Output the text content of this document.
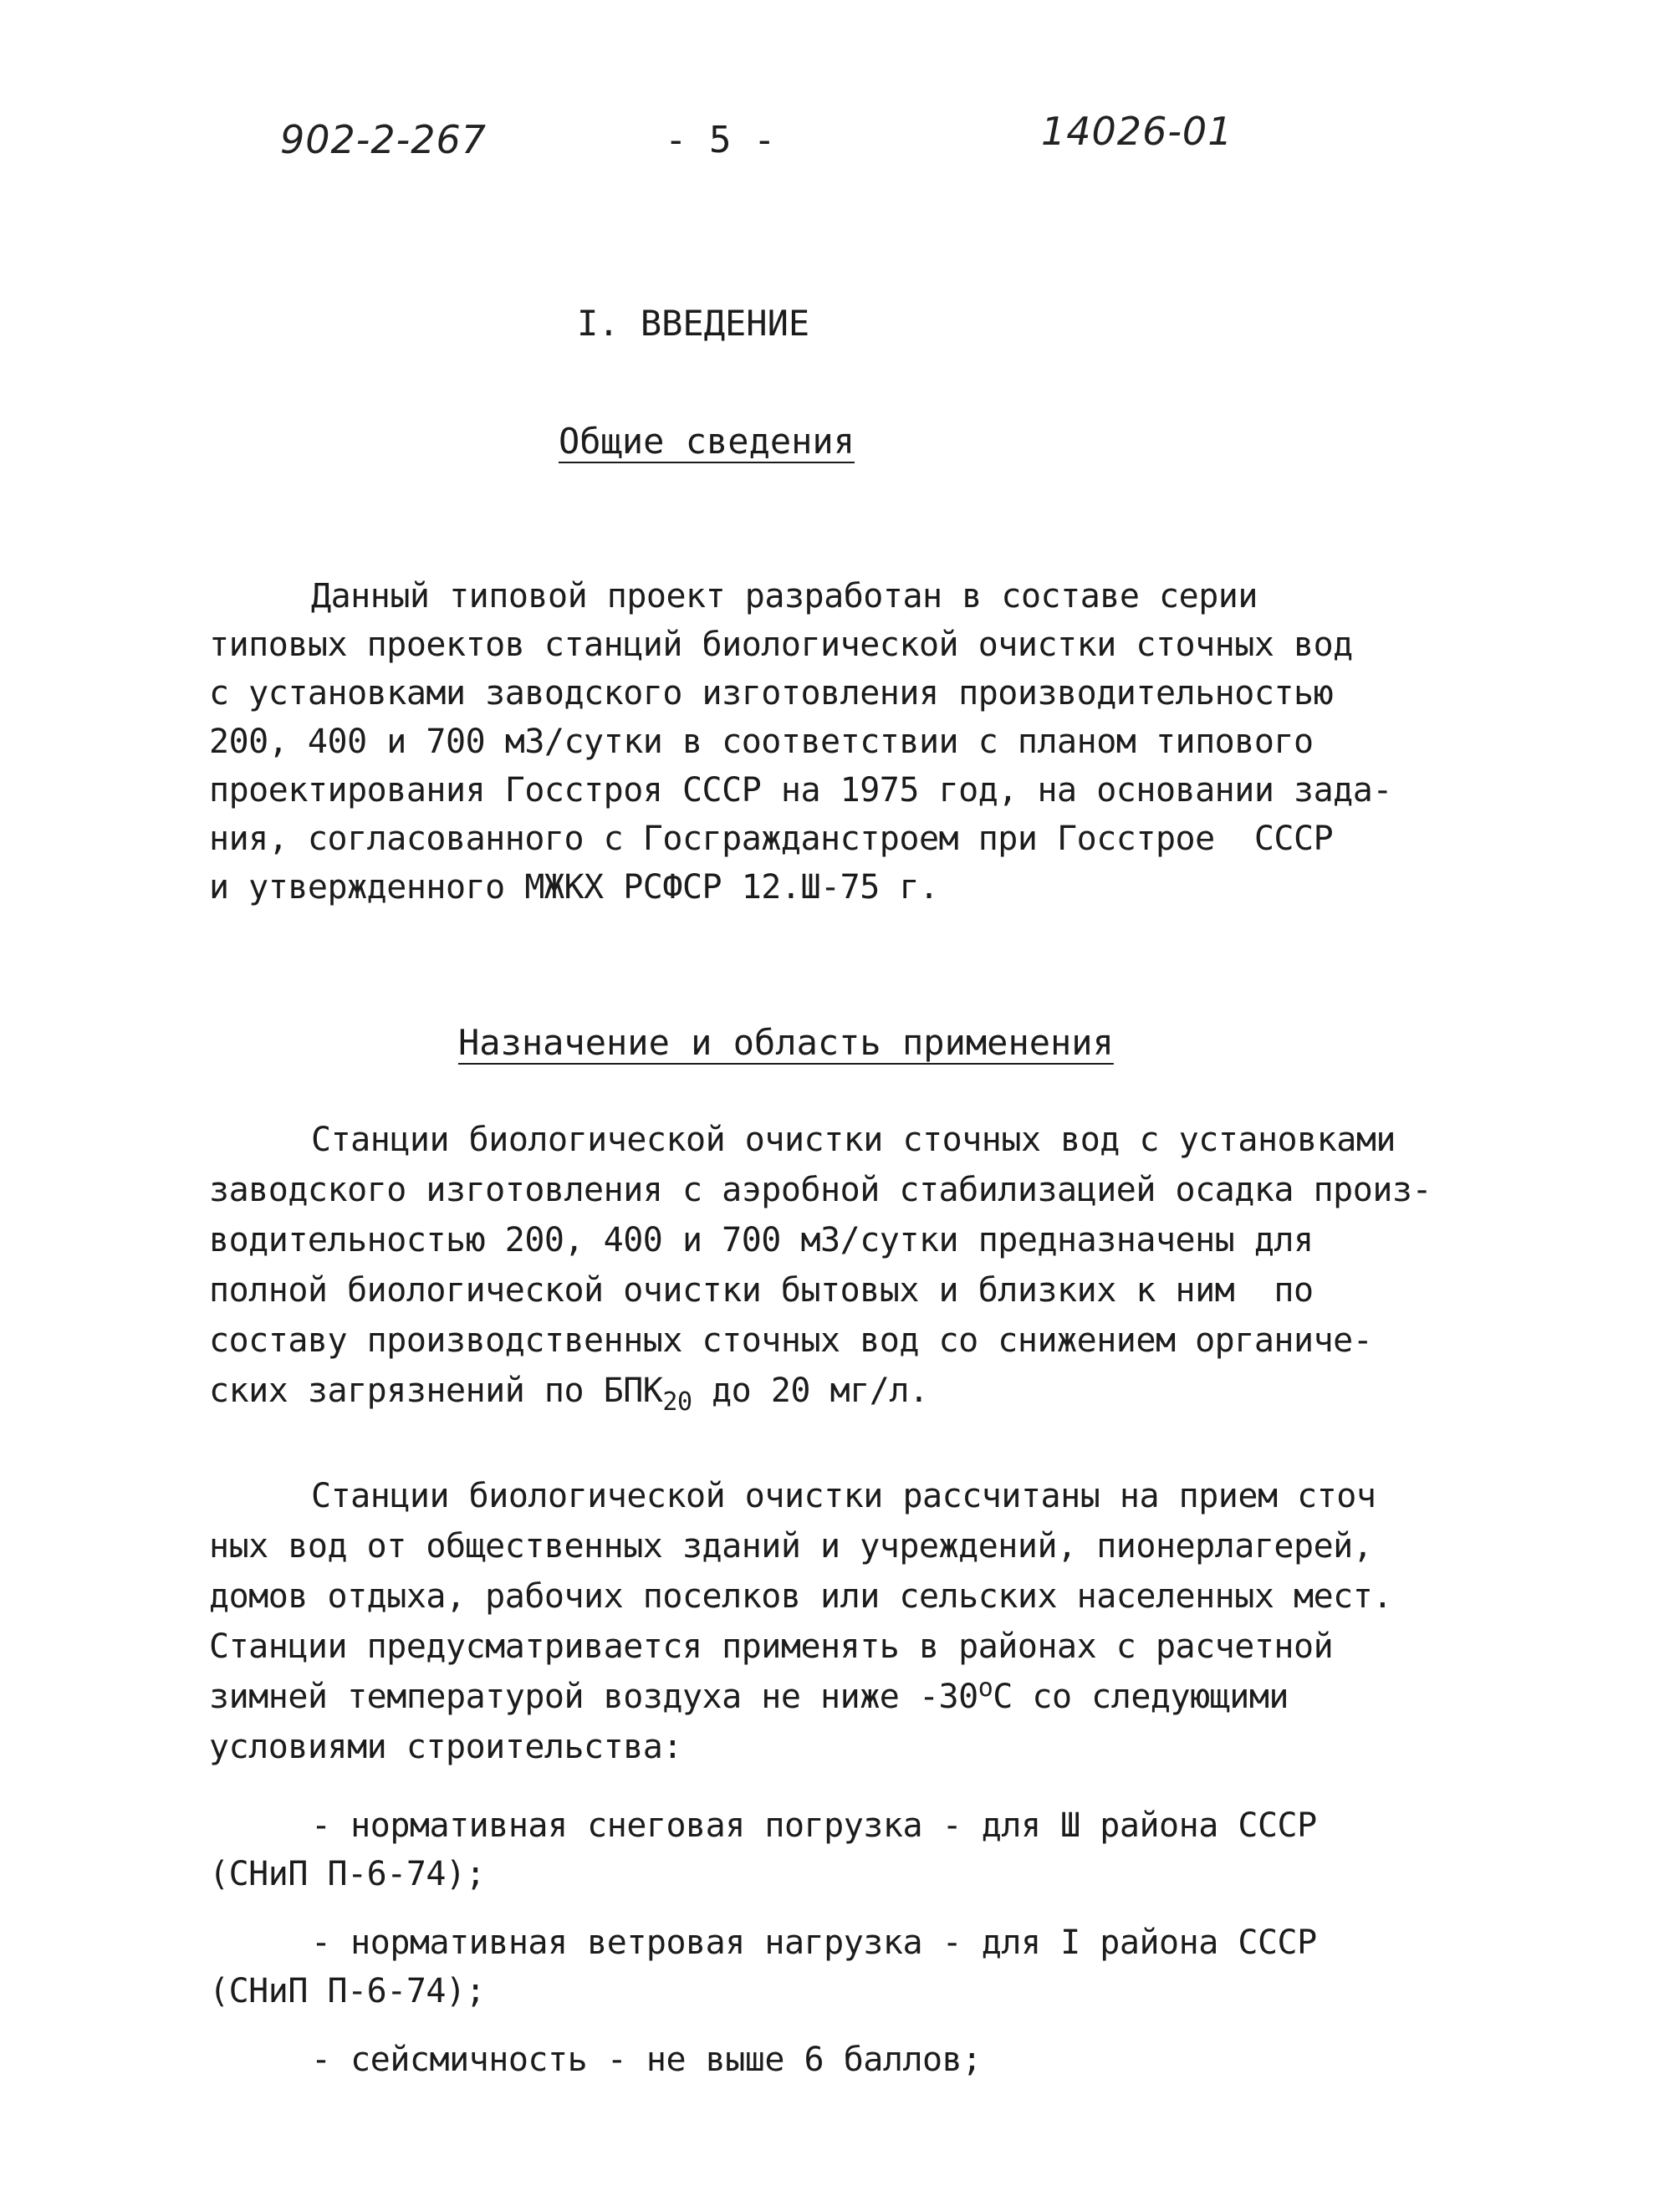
902-2-267	- 5 -	14026-01
I. ВВЕДЕНИЕ
Общие сведения
Данный типовой проект разработан в составе серии
типовых проектов станций биологической очистки сточных вод
с установками заводского изготовления производительностью
200, 400 и 700 м3/сутки в соответствии с планом типового
проектирования Госстроя СССР на 1975 год, на основании зада-
ния, согласованного с Госгражданстроем при Госстрое  СССР
и утвержденного МЖКХ РСФСР 12.Ш-75 г.
Назначение и область применения
Станции биологической очистки сточных вод с установками
заводского изготовления с аэробной стабилизацией осадка произ-
водительностью 200, 400 и 700 м3/сутки предназначены для
полной биологической очистки бытовых и близких к ним  по
составу производственных сточных вод со снижением органиче-
ских загрязнений по $БПК_{20}$ до 20 мг/л.
Станции биологической очистки рассчитаны на прием сточ
ных вод от общественных зданий и учреждений, пионерлагерей,
домов отдыха, рабочих поселков или сельских населенных мест.
Станции предусматривается применять в районах с расчетной
зимней температурой воздуха не ниже $-30^оС$ со следующими
условиями строительства:
- нормативная снеговая погрузка - для Ш района СССР
(СНиП П-6-74);
- нормативная ветровая нагрузка - для I района СССР
(СНиП П-6-74);
- сейсмичность - не выше 6 баллов;
